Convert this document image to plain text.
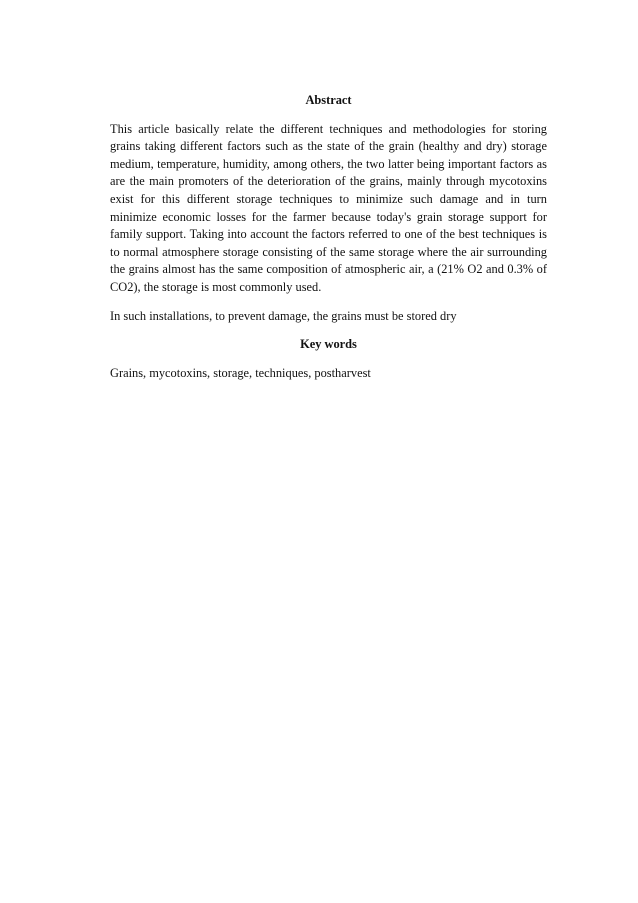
Abstract

This article basically relate the different techniques and methodologies for storing grains taking different factors such as the state of the grain (healthy and dry) storage medium, temperature, humidity, among others, the two latter being important factors as are the main promoters of the deterioration of the grains, mainly through mycotoxins exist for this different storage techniques to minimize such damage and in turn minimize economic losses for the farmer because today's grain storage support for family support. Taking into account the factors referred to one of the best techniques is to normal atmosphere storage consisting of the same storage where the air surrounding the grains almost has the same composition of atmospheric air, a (21% O2 and 0.3% of CO2), the storage is most commonly used.

In such installations, to prevent damage, the grains must be stored dry

Key words

Grains, mycotoxins, storage, techniques, postharvest
